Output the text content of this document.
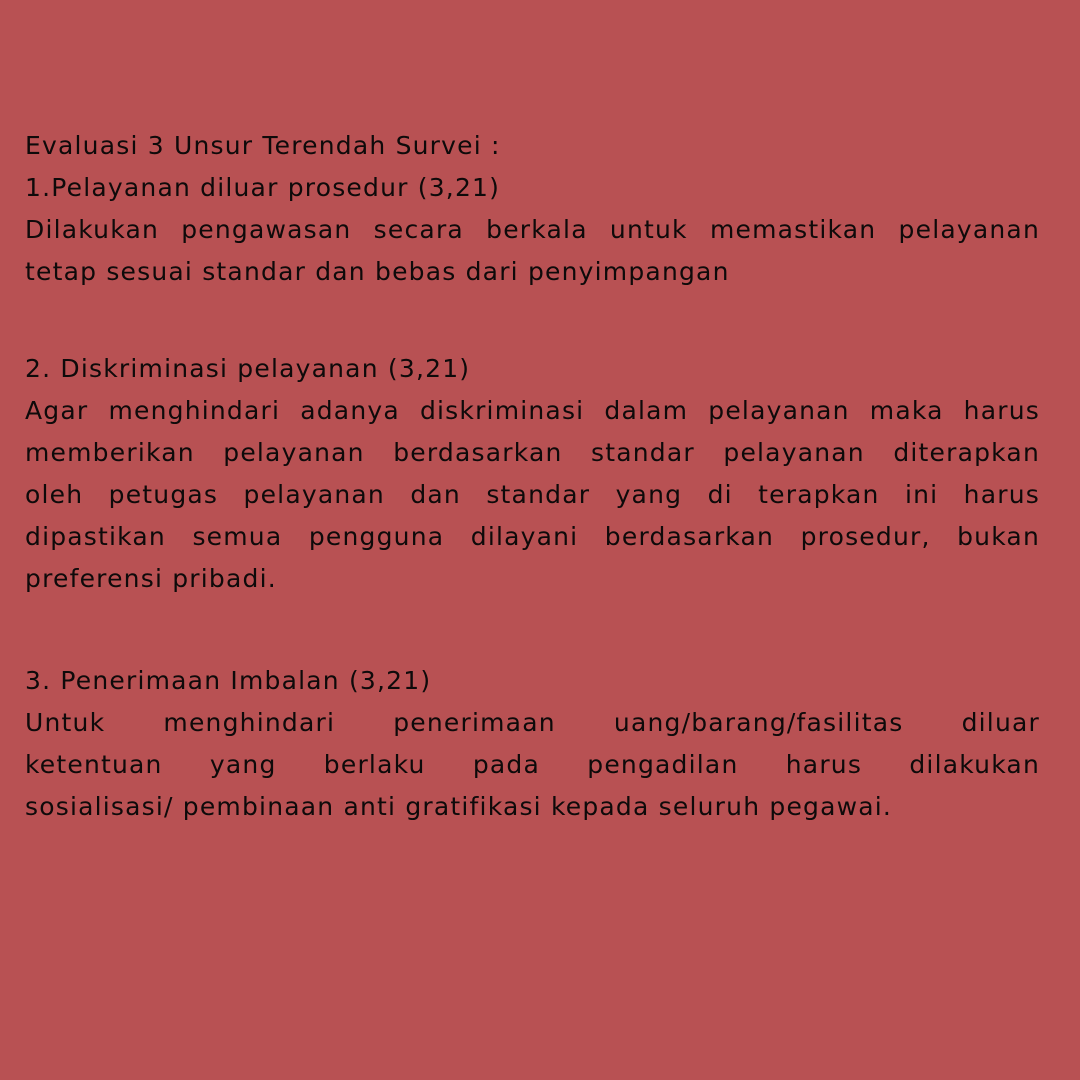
Evaluasi 3 Unsur Terendah Survei :
1.Pelayanan diluar prosedur (3,21)
Dilakukan pengawasan secara berkala untuk memastikan pelayanan
tetap sesuai standar dan bebas dari penyimpangan
2. Diskriminasi pelayanan (3,21)
Agar menghindari adanya diskriminasi dalam pelayanan maka harus
memberikan pelayanan berdasarkan standar pelayanan diterapkan
oleh petugas pelayanan dan standar yang di terapkan ini harus
dipastikan semua pengguna dilayani berdasarkan prosedur, bukan
preferensi pribadi.
3. Penerimaan Imbalan (3,21)
Untuk menghindari penerimaan uang/barang/fasilitas diluar
ketentuan yang berlaku pada pengadilan harus dilakukan
sosialisasi/ pembinaan anti gratifikasi kepada seluruh pegawai.
